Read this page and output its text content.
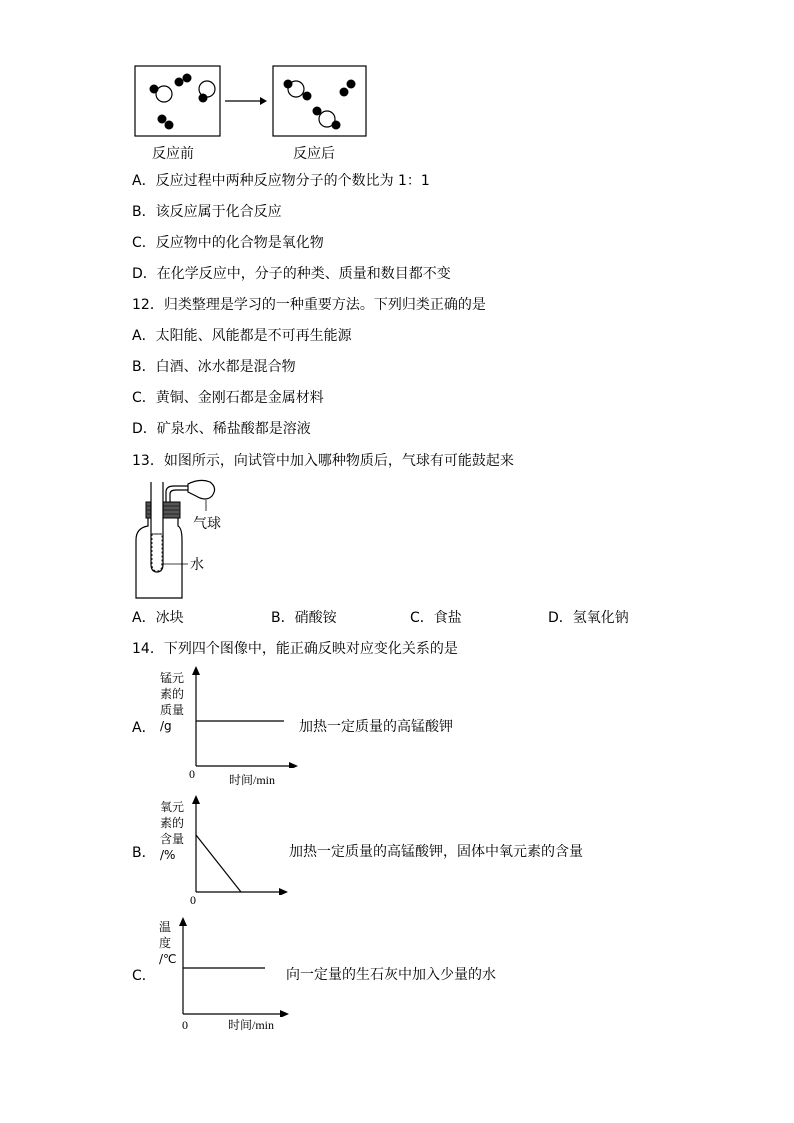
反应前	反应后
A．反应过程中两种反应物分子的个数比为 1：1
B．该反应属于化合反应
C．反应物中的化合物是氧化物
D．在化学反应中，分子的种类、质量和数目都不变
12．归类整理是学习的一种重要方法。下列归类正确的是
A．太阳能、风能都是不可再生能源
B．白酒、冰水都是混合物
C．黄铜、金刚石都是金属材料
D．矿泉水、稀盐酸都是溶液
13．如图所示，向试管中加入哪种物质后，气球有可能鼓起来
气球
水
A．冰块	B．硝酸铵	C．食盐	D．氢氧化钠
14．下列四个图像中，能正确反映对应变化关系的是
A．
锰元
素的
质量
/g
0	时间/min
加热一定质量的高锰酸钾
B．
氧元
素的
含量
/%
0
加热一定质量的高锰酸钾，固体中氧元素的含量
C．
温
度
/℃
0	时间/min
向一定量的生石灰中加入少量的水
